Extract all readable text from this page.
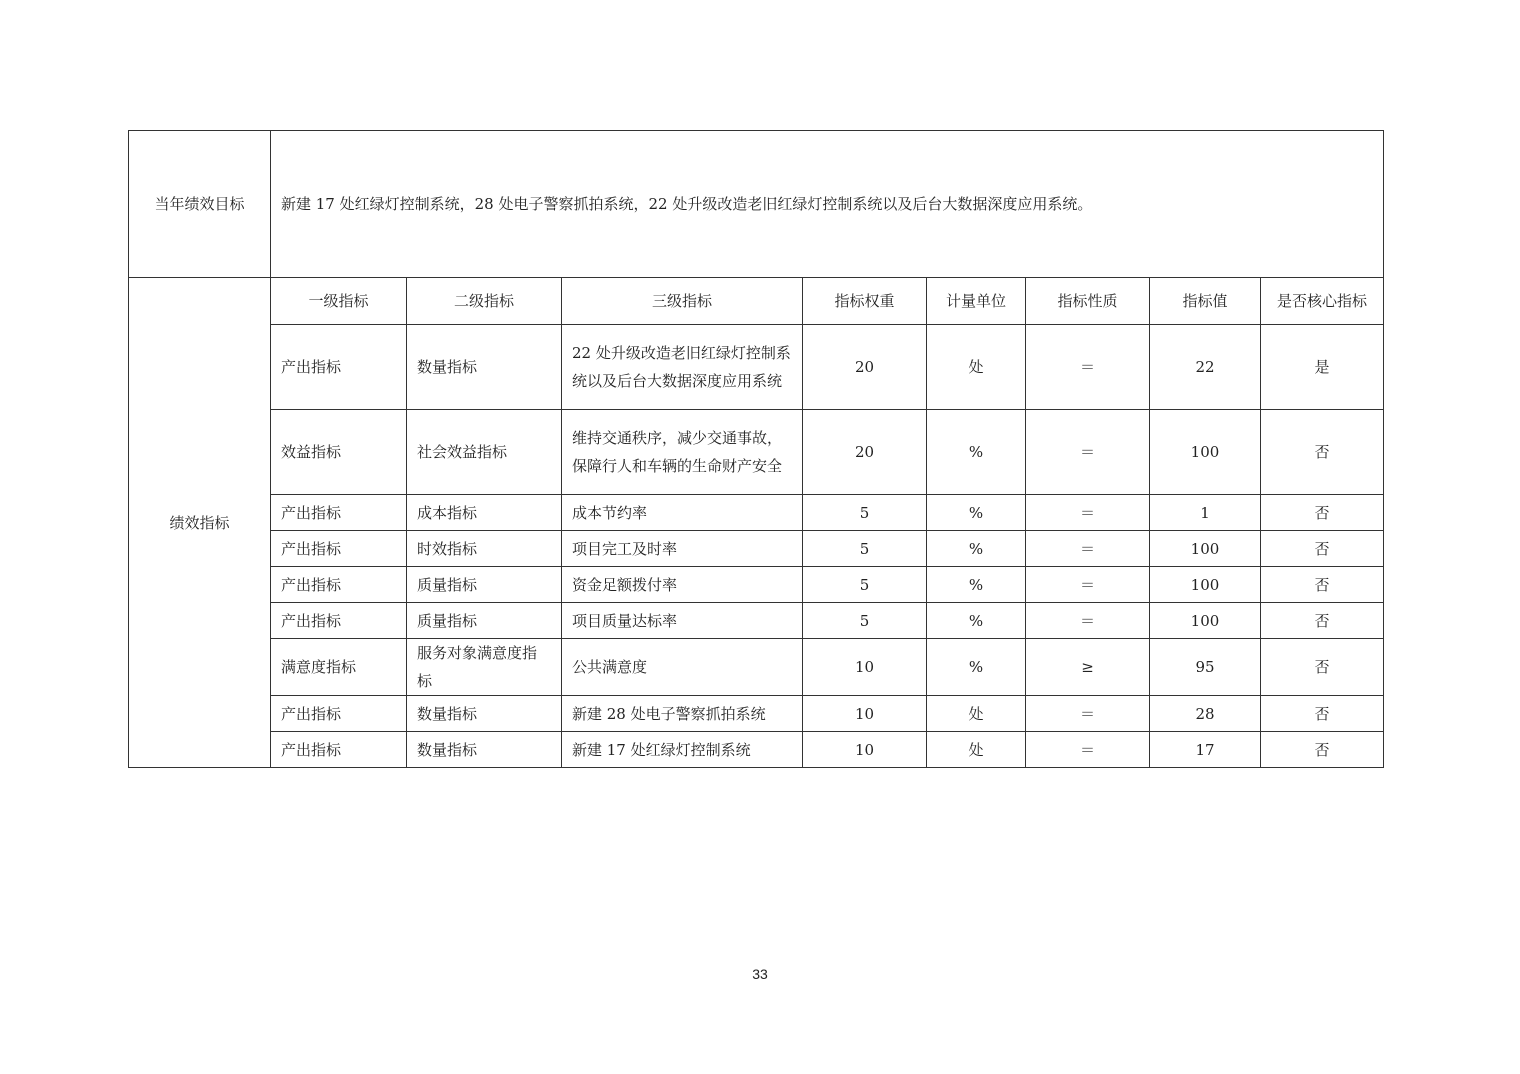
当年绩效目标	新建 17 处红绿灯控制系统，28 处电子警察抓拍系统，22 处升级改造老旧红绿灯控制系统以及后台大数据深度应用系统。							
绩效指标	一级指标	二级指标	三级指标	指标权重	计量单位	指标性质	指标值	是否核心指标
	产出指标	数量指标	22 处升级改造老旧红绿灯控制系统以及后台大数据深度应用系统	20	处	＝	22	是
	效益指标	社会效益指标	维持交通秩序，减少交通事故，保障行人和车辆的生命财产安全	20	%	＝	100	否
	产出指标	成本指标	成本节约率	5	%	＝	1	否
	产出指标	时效指标	项目完工及时率	5	%	＝	100	否
	产出指标	质量指标	资金足额拨付率	5	%	＝	100	否
	产出指标	质量指标	项目质量达标率	5	%	＝	100	否
	满意度指标	服务对象满意度指标	公共满意度	10	%	≥	95	否
	产出指标	数量指标	新建 28 处电子警察抓拍系统	10	处	＝	28	否
	产出指标	数量指标	新建 17 处红绿灯控制系统	10	处	＝	17	否
33
